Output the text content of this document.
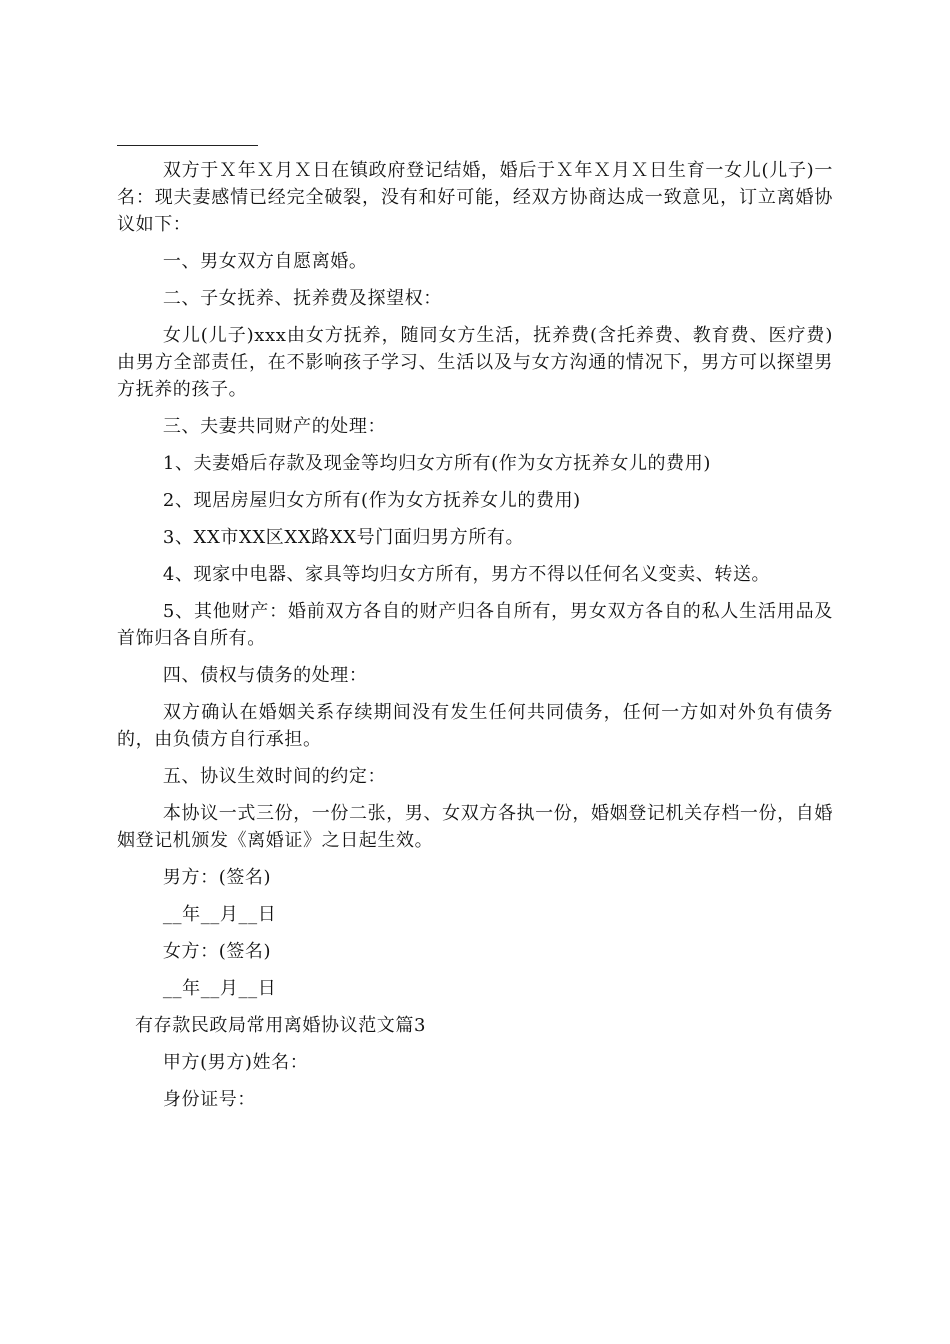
双方于Ｘ年Ｘ月Ｘ日在镇政府登记结婚，婚后于Ｘ年Ｘ月Ｘ日生育一女儿(儿子)一名：现夫妻感情已经完全破裂，没有和好可能，经双方协商达成一致意见，订立离婚协议如下：

一、男女双方自愿离婚。

二、子女抚养、抚养费及探望权：

女儿(儿子)xxx由女方抚养，随同女方生活，抚养费(含托养费、教育费、医疗费)由男方全部责任，在不影响孩子学习、生活以及与女方沟通的情况下，男方可以探望男方抚养的孩子。

三、夫妻共同财产的处理：

1、夫妻婚后存款及现金等均归女方所有(作为女方抚养女儿的费用)

2、现居房屋归女方所有(作为女方抚养女儿的费用)

3、XX市XX区XX路XX号门面归男方所有。

4、现家中电器、家具等均归女方所有，男方不得以任何名义变卖、转送。

5、其他财产：婚前双方各自的财产归各自所有，男女双方各自的私人生活用品及首饰归各自所有。

四、债权与债务的处理：

双方确认在婚姻关系存续期间没有发生任何共同债务，任何一方如对外负有债务的，由负债方自行承担。

五、协议生效时间的约定：

本协议一式三份，一份二张，男、女双方各执一份，婚姻登记机关存档一份，自婚姻登记机颁发《离婚证》之日起生效。

男方：(签名)

__年__月__日

女方：(签名)

__年__月__日

有存款民政局常用离婚协议范文篇3

甲方(男方)姓名：

身份证号：
